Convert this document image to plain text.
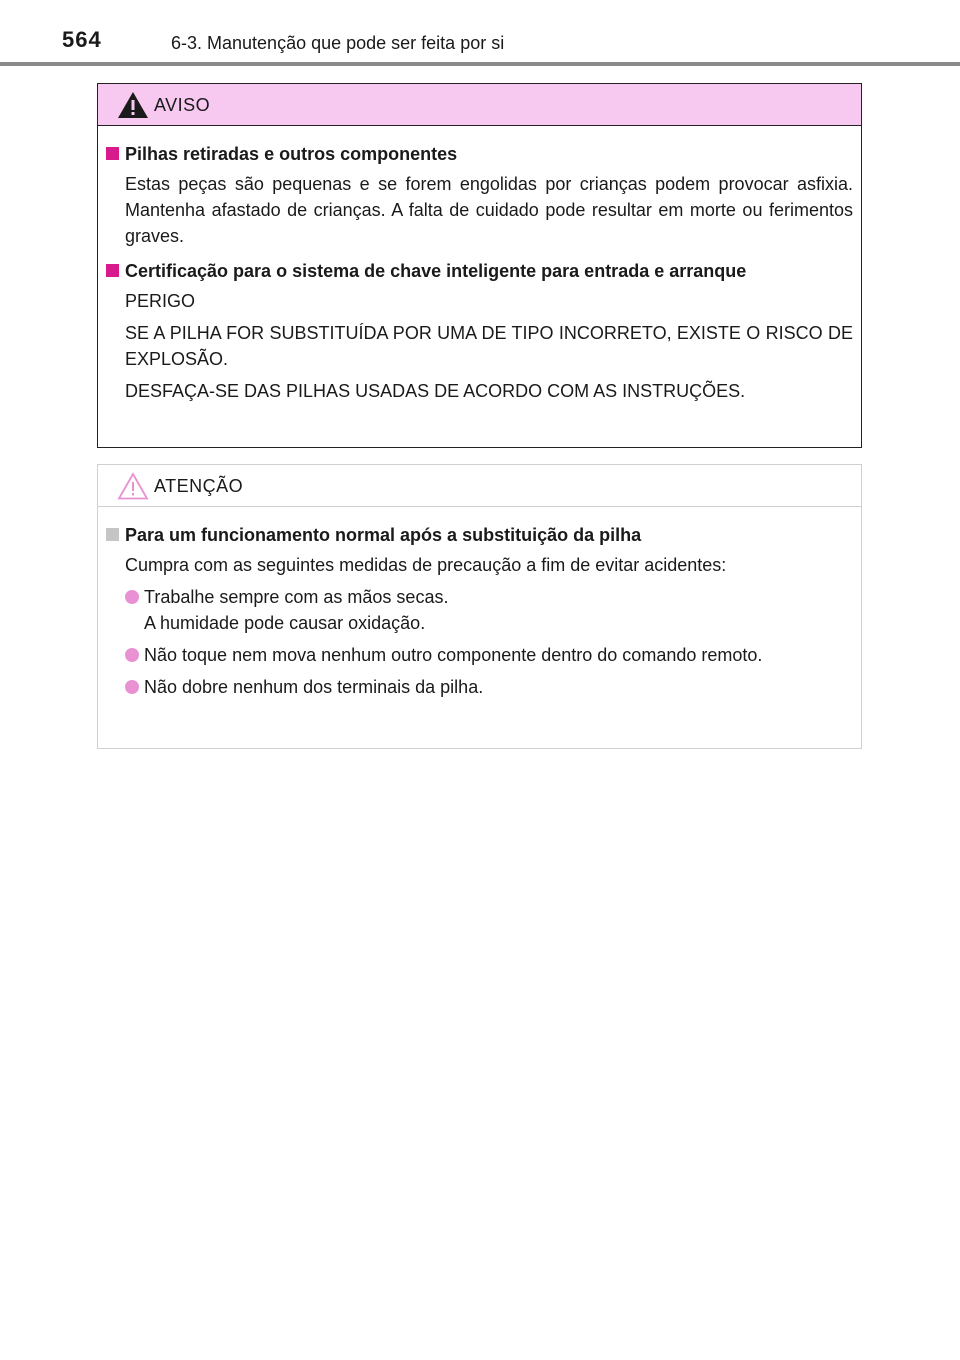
564	6-3. Manutenção que pode ser feita por si
AVISO
Pilhas retiradas e outros componentes
Estas peças são pequenas e se forem engolidas por crianças podem provocar asfixia. Mantenha afastado de crianças. A falta de cuidado pode resultar em morte ou ferimentos graves.
Certificação para o sistema de chave inteligente para entrada e arranque
PERIGO
SE A PILHA FOR SUBSTITUÍDA POR UMA DE TIPO INCORRETO, EXISTE O RISCO DE EXPLOSÃO.
DESFAÇA-SE DAS PILHAS USADAS DE ACORDO COM AS INSTRUÇÕES.
ATENÇÃO
Para um funcionamento normal após a substituição da pilha
Cumpra com as seguintes medidas de precaução a fim de evitar acidentes:
Trabalhe sempre com as mãos secas.
A humidade pode causar oxidação.
Não toque nem mova nenhum outro componente dentro do comando remoto.
Não dobre nenhum dos terminais da pilha.
